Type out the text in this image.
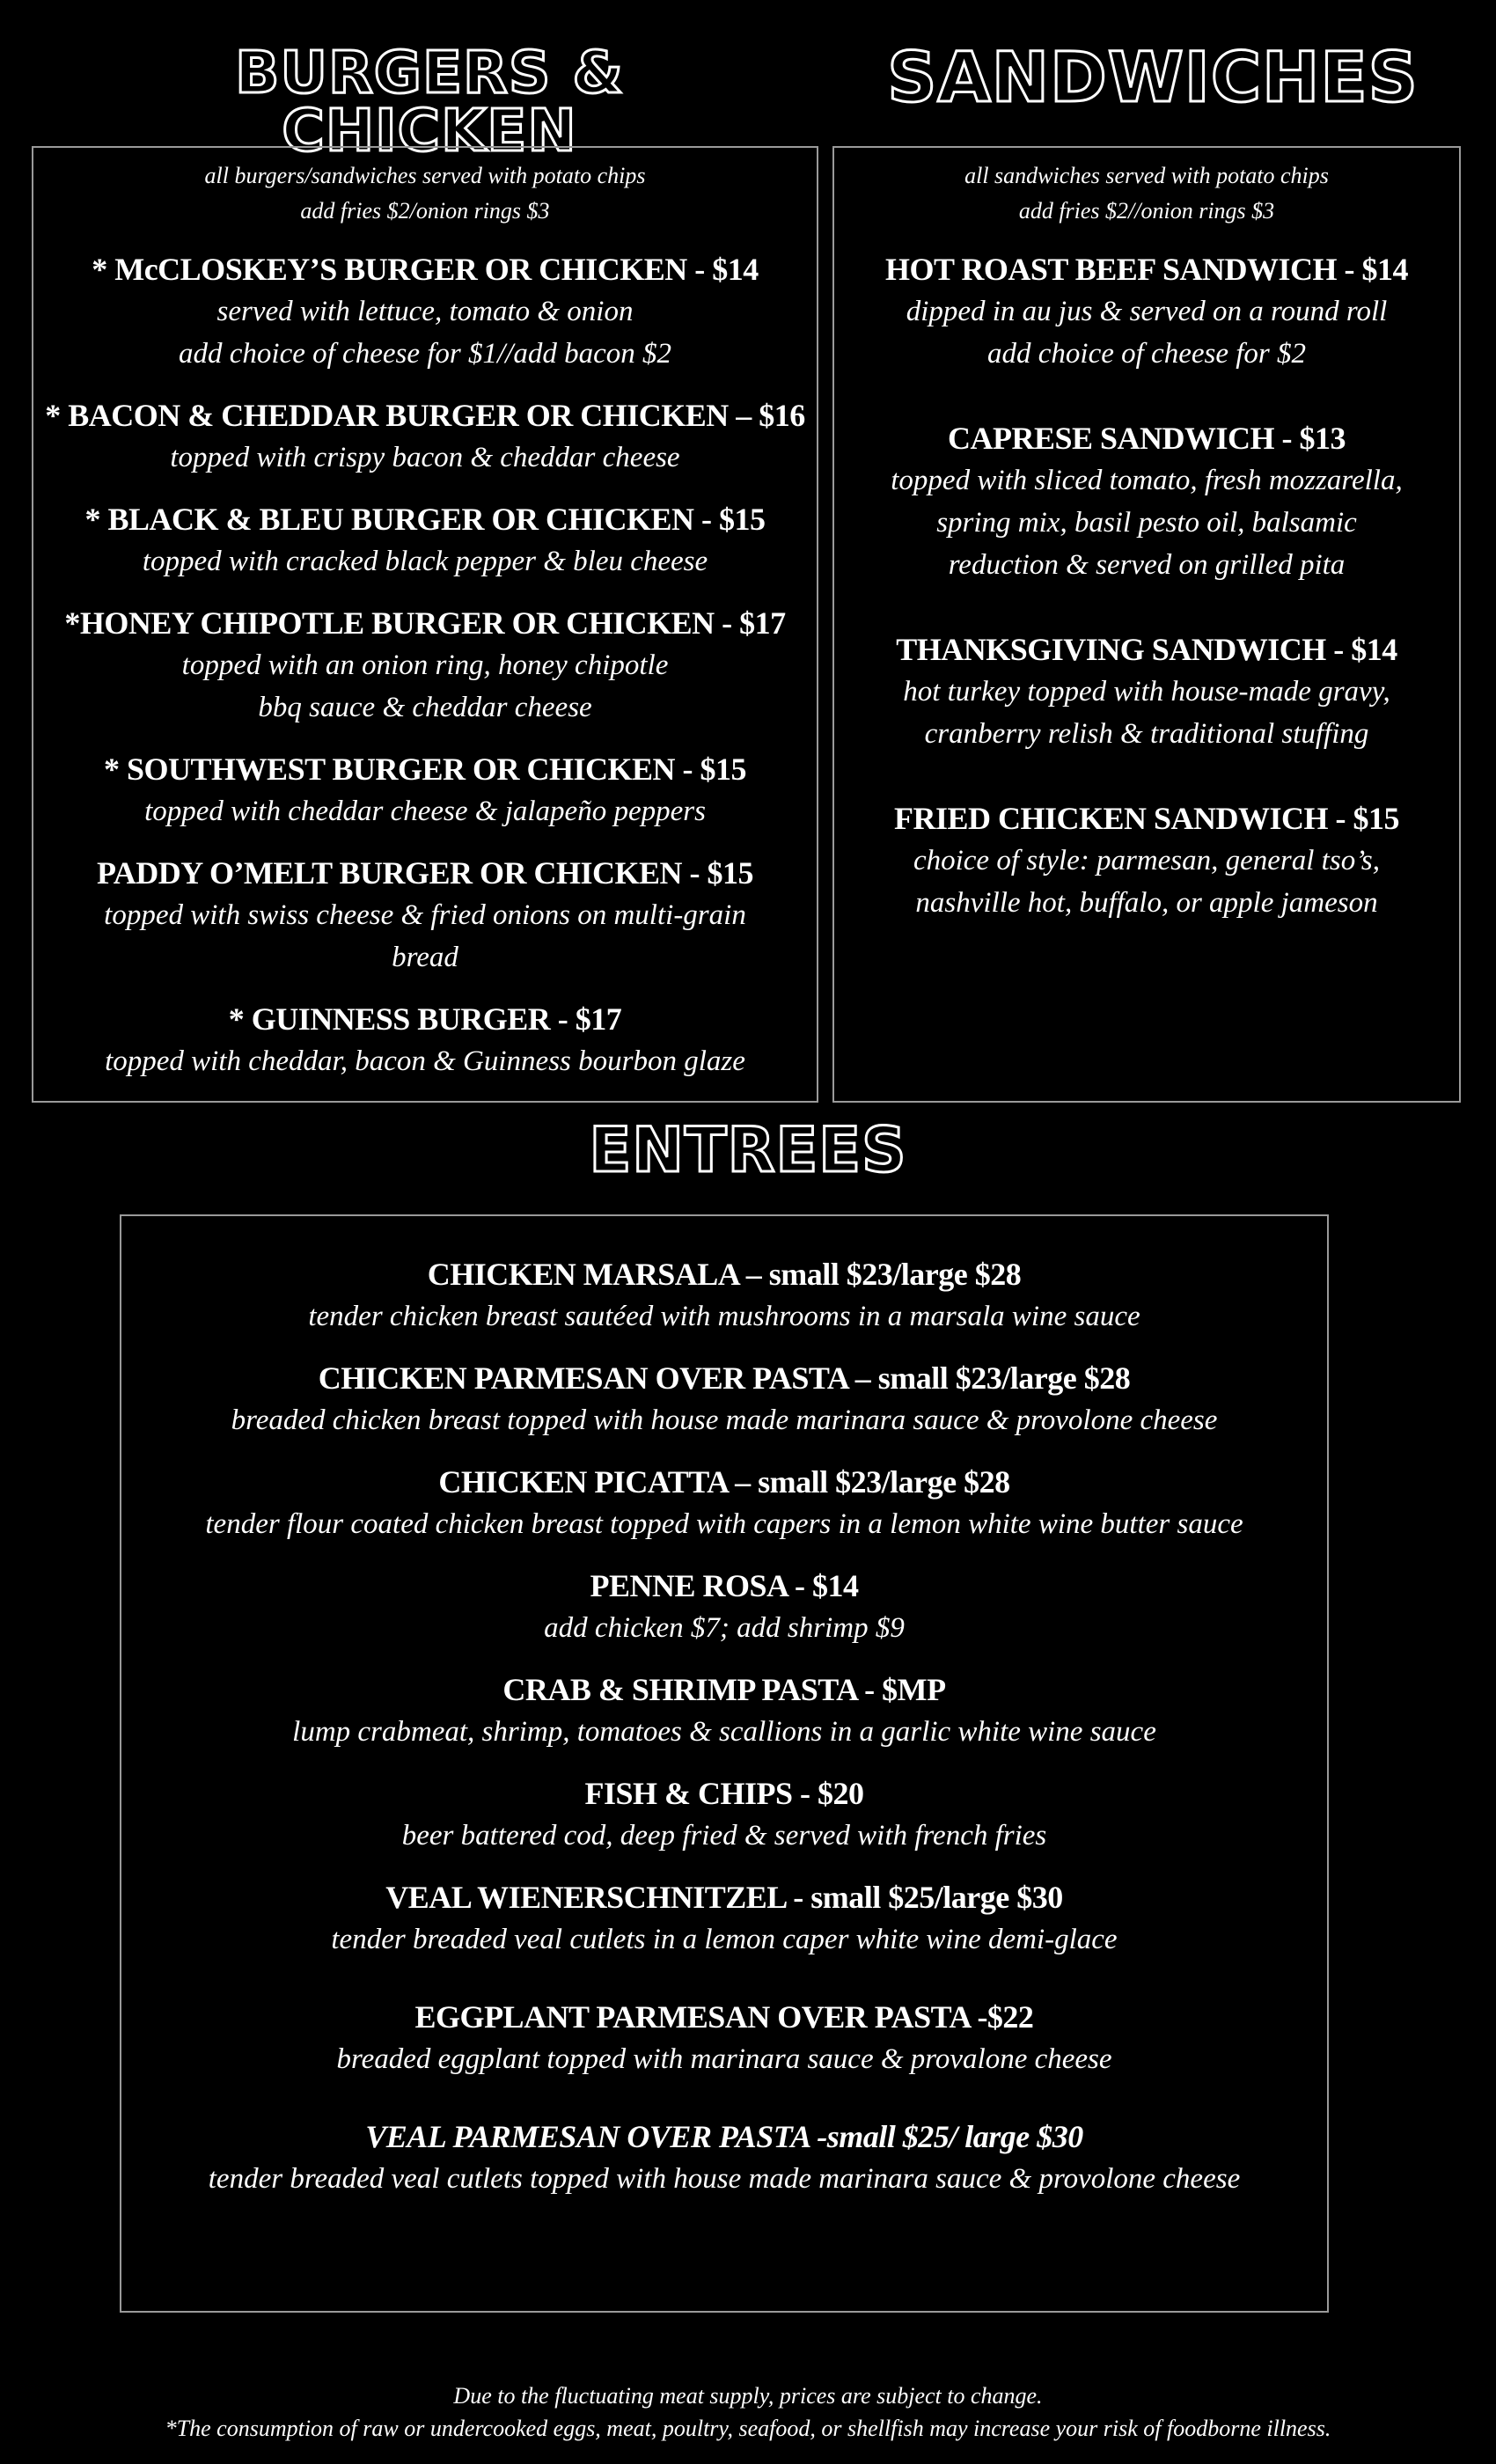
BURGERS & CHICKEN
SANDWICHES
all burgers/sandwiches served with potato chips
add fries $2/onion rings $3
* McCLOSKEY’S BURGER OR CHICKEN - $14
served with lettuce, tomato & onion
add choice of cheese for $1//add bacon $2
* BACON & CHEDDAR BURGER OR CHICKEN – $16
topped with crispy bacon & cheddar cheese
* BLACK & BLEU BURGER OR CHICKEN - $15
topped with cracked black pepper & bleu cheese
*HONEY CHIPOTLE BURGER OR CHICKEN - $17
topped with an onion ring, honey chipotle
bbq sauce & cheddar cheese
* SOUTHWEST BURGER OR CHICKEN - $15
topped with cheddar cheese & jalapeño peppers
PADDY O’MELT BURGER OR CHICKEN - $15
topped with swiss cheese & fried onions on multi-grain
bread
* GUINNESS BURGER - $17
topped with cheddar, bacon & Guinness bourbon glaze
all sandwiches served with potato chips
add fries $2//onion rings $3
HOT ROAST BEEF SANDWICH - $14
dipped in au jus & served on a round roll
add choice of cheese for $2
CAPRESE SANDWICH - $13
topped with sliced tomato, fresh mozzarella,
spring mix, basil pesto oil, balsamic
reduction & served on grilled pita
THANKSGIVING SANDWICH - $14
hot turkey topped with house-made gravy,
cranberry relish & traditional stuffing
FRIED CHICKEN SANDWICH - $15
choice of style: parmesan, general tso’s,
nashville hot, buffalo, or apple jameson
ENTREES
CHICKEN MARSALA – small $23/large $28
tender chicken breast sautéed with mushrooms in a marsala wine sauce
CHICKEN PARMESAN OVER PASTA – small $23/large $28
breaded chicken breast topped with house made marinara sauce & provolone cheese
CHICKEN PICATTA – small $23/large $28
tender flour coated chicken breast topped with capers in a lemon white wine butter sauce
PENNE ROSA - $14
add chicken $7; add shrimp $9
CRAB & SHRIMP PASTA - $MP
lump crabmeat, shrimp, tomatoes & scallions in a garlic white wine sauce
FISH & CHIPS - $20
beer battered cod, deep fried & served with french fries
VEAL WIENERSCHNITZEL - small $25/large $30
tender breaded veal cutlets in a lemon caper white wine demi-glace
EGGPLANT PARMESAN OVER PASTA -$22
breaded eggplant topped with marinara sauce & provalone cheese
VEAL PARMESAN OVER PASTA -small $25/ large $30
tender breaded veal cutlets topped with house made marinara sauce & provolone cheese
Due to the fluctuating meat supply, prices are subject to change.
*The consumption of raw or undercooked eggs, meat, poultry, seafood, or shellfish may increase your risk of foodborne illness.
